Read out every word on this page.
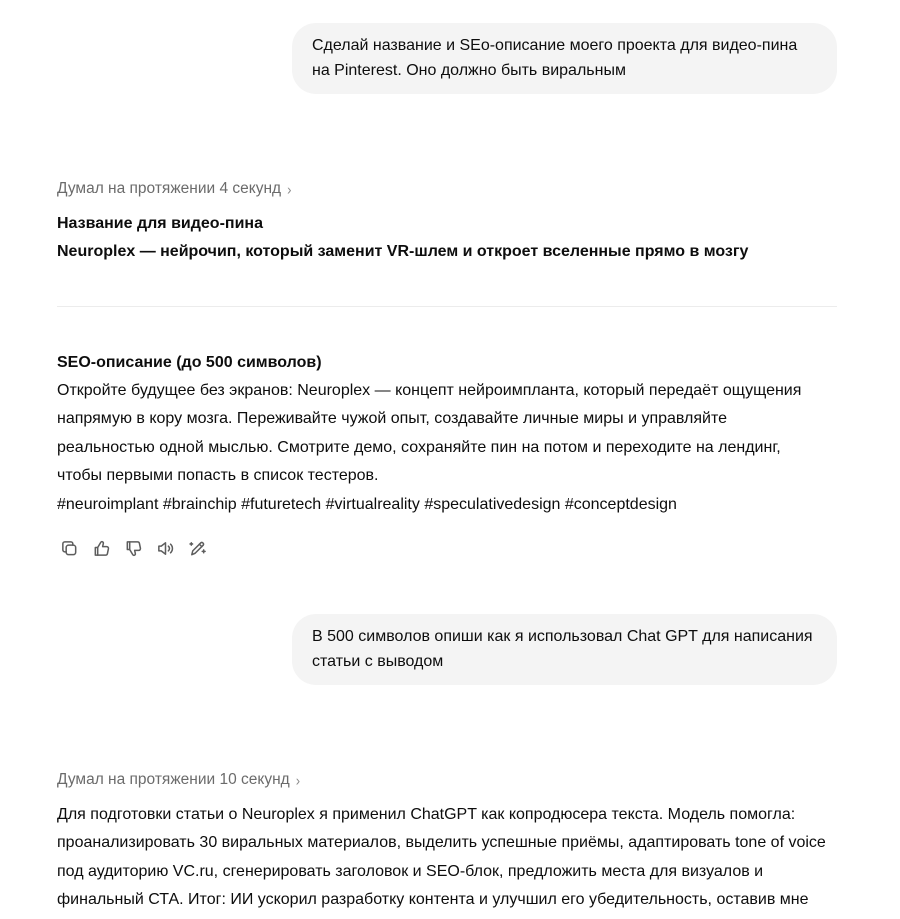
Сделай название и SEо-описание моего проекта для видео-пина
на Pinterest. Оно должно быть виральным
Думал на протяжении 4 секунд ›
Название для видео-пина
Neuroplex — нейрочип, который заменит VR-шлем и откроет вселенные прямо в мозгу
SEO-описание (до 500 символов)
Откройте будущее без экранов: Neuroplex — концепт нейроимпланта, который передаёт ощущения
напрямую в кору мозга. Переживайте чужой опыт, создавайте личные миры и управляйте
реальностью одной мыслью. Смотрите демо, сохраняйте пин на потом и переходите на лендинг,
чтобы первыми попасть в список тестеров.
#neuroimplant #brainchip #futuretech #virtualreality #speculativedesign #conceptdesign
В 500 символов опиши как я использовал Chat GPT для написания
статьи с выводом
Думал на протяжении 10 секунд ›
Для подготовки статьи о Neuroplex я применил ChatGPT как копродюсера текста. Модель помогла:
проанализировать 30 виральных материалов, выделить успешные приёмы, адаптировать tone of voice
под аудиторию VC.ru, сгенерировать заголовок и SEO-блок, предложить места для визуалов и
финальный СТА. Итог: ИИ ускорил разработку контента и улучшил его убедительность, оставив мне
